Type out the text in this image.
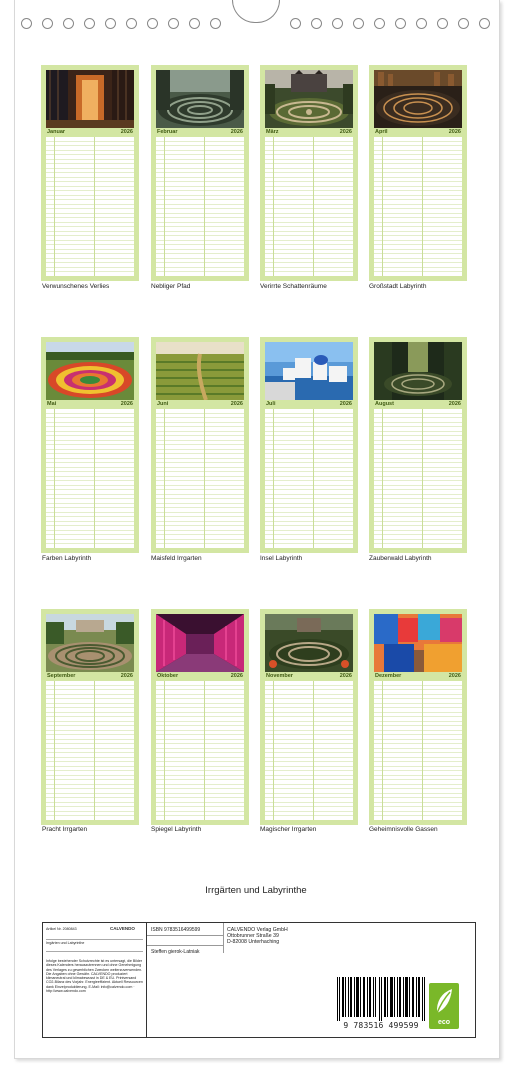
Januar	2026	Februar	2026	März	2026	April	2026
Verwunschenes Verlies	Nebliger Pfad	Verirrte Schattenräume	Großstadt Labyrinth
Mai	2026	Juni	2026	Juli	2026	August	2026
Farben Labyrinth	Maisfeld Irrgarten	Insel Labyrinth	Zauberwald Labyrinth
September	2026	Oktober	2026	November	2026	Dezember	2026
Pracht Irrgarten	Spiegel Labyrinth	Magischer Irrgarten	Geheimnisvolle Gassen
Irrgärten und Labyrinthe
Artikel Nr. 2080843	CALVENDO
Irrgärten und Labyrinthe
Infolge bestehender Schutzrechte ist es untersagt, die Bilder dieses Kalenders herauszutrennen und ohne Genehmigung des Verlages zu gewerblichen Zwecken weiterzuverwenden. Die Angaben ohne Gewähr. CALVENDO produziert klimaneutral und klimabewusst in DE & EU. Printversand CO2-Bilanz des Vorjahr. Energieeffizient. Aktuell Ressourcen dank Einzelproduktierung. E-Mail: info@calvendo.com · http://www.calvendo.com
ISBN 9783516499599
Steffen gierok-Latniak
CALVENDO Verlag GmbH
Ottobrunner Straße 39
D-82008 Unterhaching
9 783516 499599	eco
